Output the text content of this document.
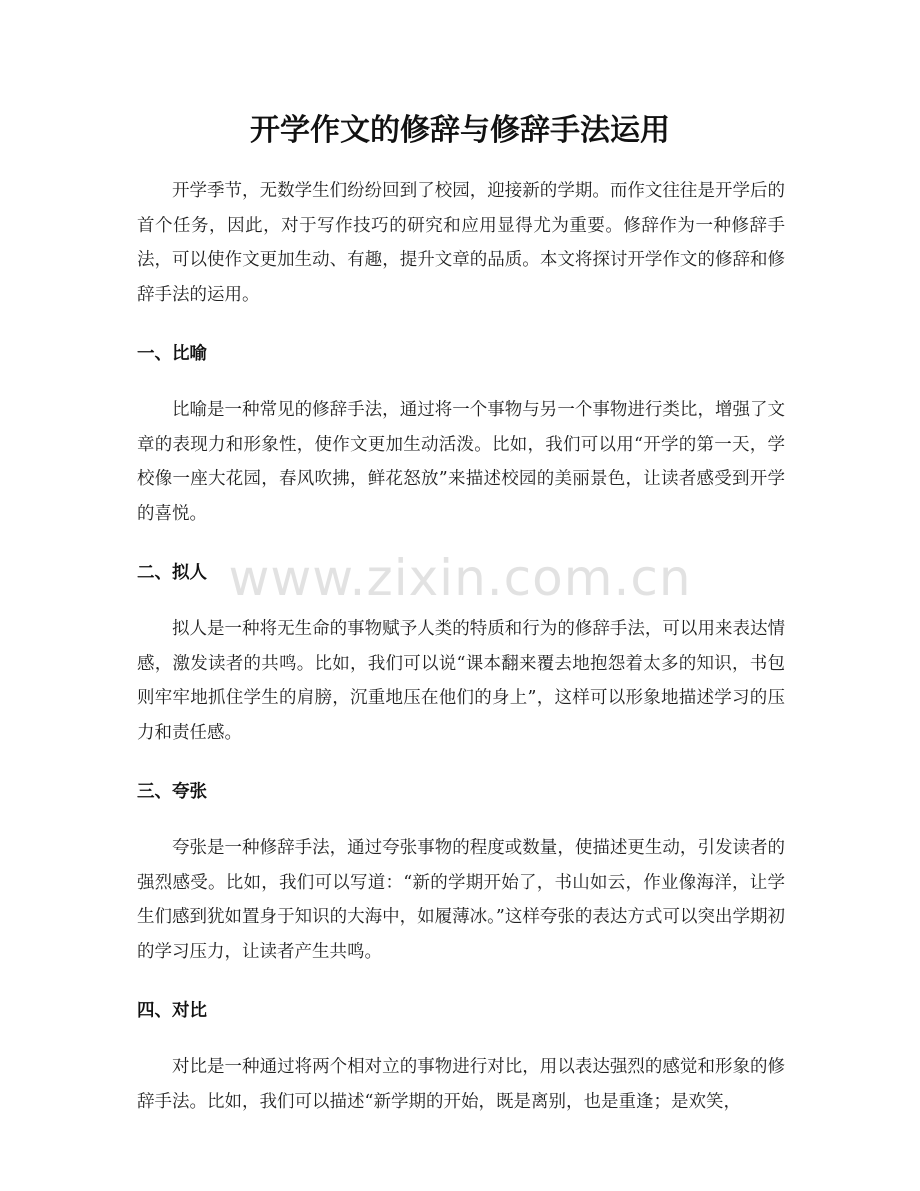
开学作文的修辞与修辞手法运用
www.zixin.com.cn

开学季节，无数学生们纷纷回到了校园，迎接新的学期。而作文往往是开学后的首个任务，因此，对于写作技巧的研究和应用显得尤为重要。修辞作为一种修辞手法，可以使作文更加生动、有趣，提升文章的品质。本文将探讨开学作文的修辞和修辞手法的运用。

一、比喻

比喻是一种常见的修辞手法，通过将一个事物与另一个事物进行类比，增强了文章的表现力和形象性，使作文更加生动活泼。比如，我们可以用“开学的第一天，学校像一座大花园，春风吹拂，鲜花怒放”来描述校园的美丽景色，让读者感受到开学的喜悦。

二、拟人

拟人是一种将无生命的事物赋予人类的特质和行为的修辞手法，可以用来表达情感，激发读者的共鸣。比如，我们可以说“课本翻来覆去地抱怨着太多的知识，书包则牢牢地抓住学生的肩膀，沉重地压在他们的身上”，这样可以形象地描述学习的压力和责任感。

三、夸张

夸张是一种修辞手法，通过夸张事物的程度或数量，使描述更生动，引发读者的强烈感受。比如，我们可以写道：“新的学期开始了，书山如云，作业像海洋，让学生们感到犹如置身于知识的大海中，如履薄冰。”这样夸张的表达方式可以突出学期初的学习压力，让读者产生共鸣。

四、对比

对比是一种通过将两个相对立的事物进行对比，用以表达强烈的感觉和形象的修辞手法。比如，我们可以描述“新学期的开始，既是离别，也是重逢；是欢笑，
